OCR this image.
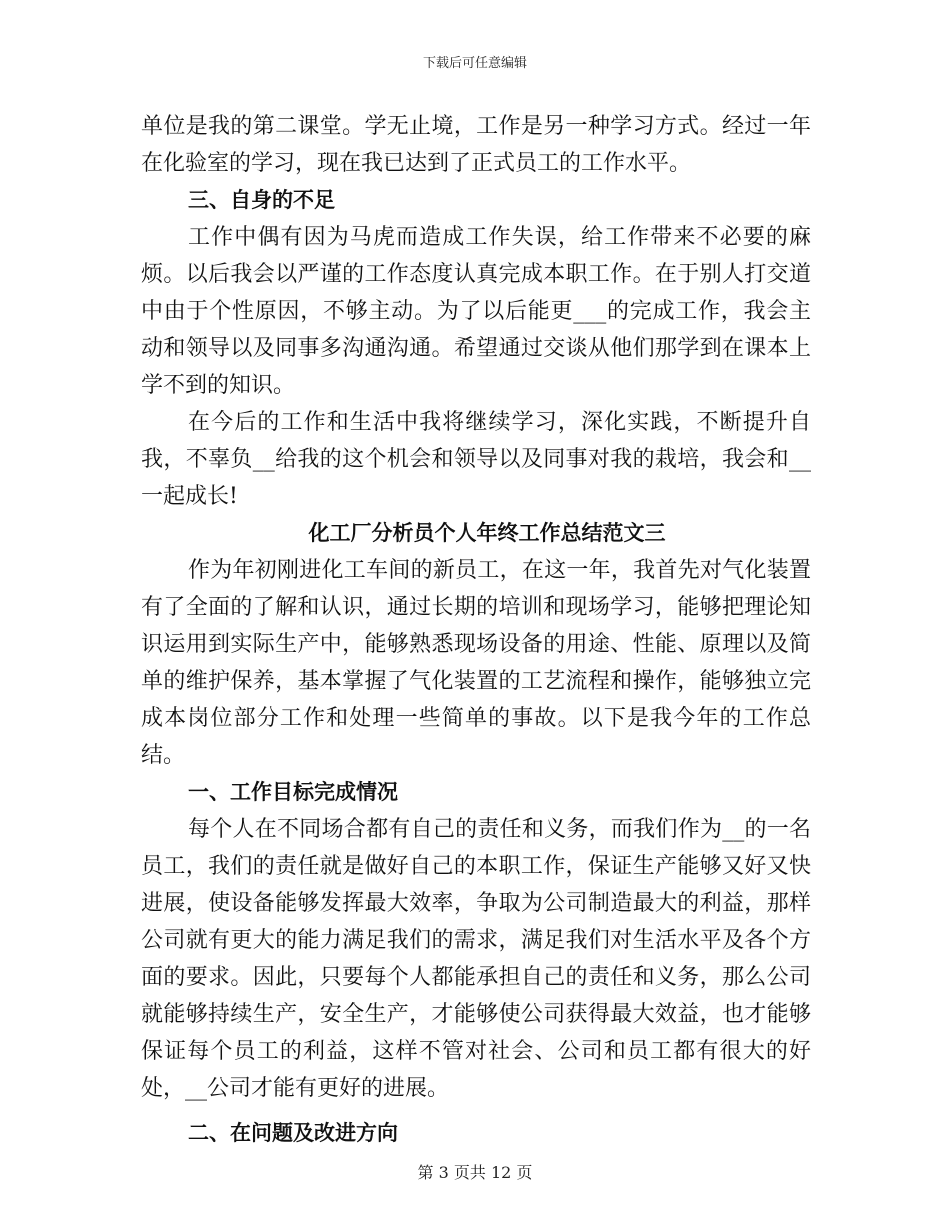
下载后可任意编辑

单位是我的第二课堂。学无止境，工作是另一种学习方式。经过一年在化验室的学习，现在我已达到了正式员工的工作水平。

三、自身的不足

工作中偶有因为马虎而造成工作失误，给工作带来不必要的麻烦。以后我会以严谨的工作态度认真完成本职工作。在于别人打交道中由于个性原因，不够主动。为了以后能更___的完成工作，我会主动和领导以及同事多沟通沟通。希望通过交谈从他们那学到在课本上学不到的知识。

在今后的工作和生活中我将继续学习，深化实践，不断提升自我，不辜负__给我的这个机会和领导以及同事对我的栽培，我会和__一起成长!

化工厂分析员个人年终工作总结范文三

作为年初刚进化工车间的新员工，在这一年，我首先对气化装置有了全面的了解和认识，通过长期的培训和现场学习，能够把理论知识运用到实际生产中，能够熟悉现场设备的用途、性能、原理以及简单的维护保养，基本掌握了气化装置的工艺流程和操作，能够独立完成本岗位部分工作和处理一些简单的事故。以下是我今年的工作总结。

一、工作目标完成情况

每个人在不同场合都有自己的责任和义务，而我们作为__的一名员工，我们的责任就是做好自己的本职工作，保证生产能够又好又快进展，使设备能够发挥最大效率，争取为公司制造最大的利益，那样公司就有更大的能力满足我们的需求，满足我们对生活水平及各个方面的要求。因此，只要每个人都能承担自己的责任和义务，那么公司就能够持续生产，安全生产，才能够使公司获得最大效益，也才能够保证每个员工的利益，这样不管对社会、公司和员工都有很大的好处，__公司才能有更好的进展。

二、在问题及改进方向

第 3 页共 12 页
